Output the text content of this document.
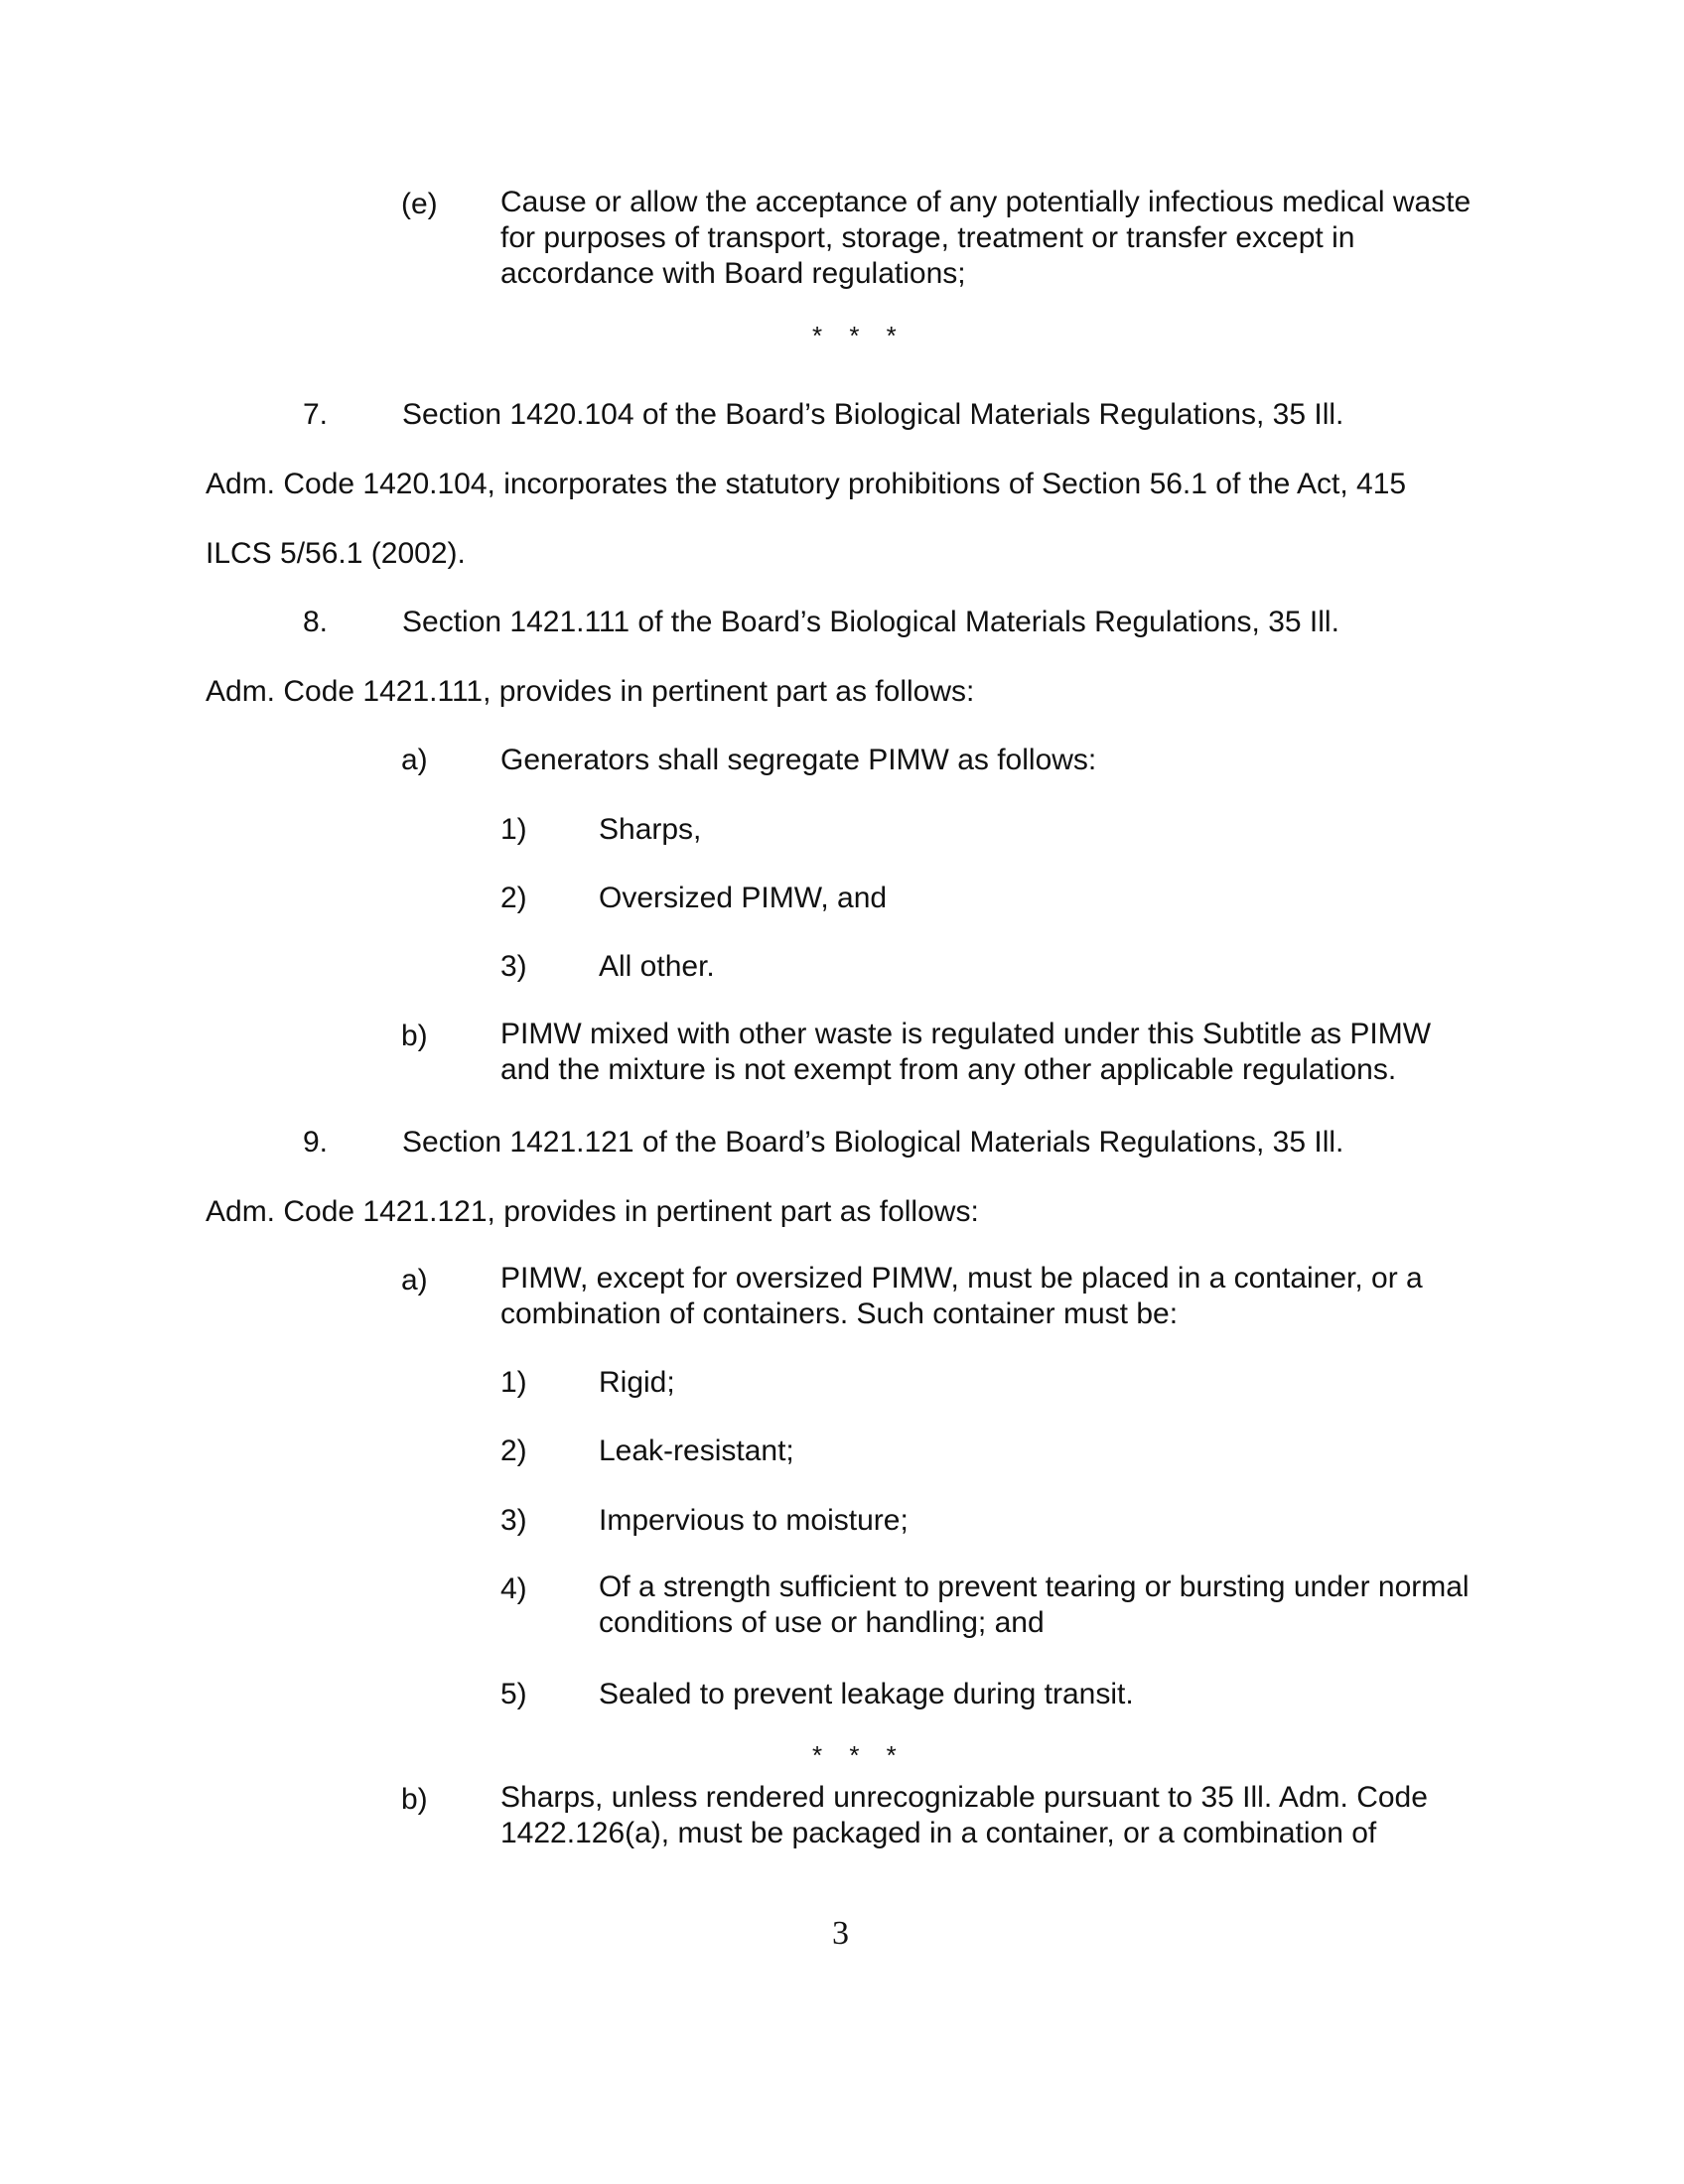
(e) Cause or allow the acceptance of any potentially infectious medical waste for purposes of transport, storage, treatment or transfer except in accordance with Board regulations;
* * *
7. Section 1420.104 of the Board’s Biological Materials Regulations, 35 Ill.
Adm. Code 1420.104, incorporates the statutory prohibitions of Section 56.1 of the Act, 415
ILCS 5/56.1 (2002).
8. Section 1421.111 of the Board’s Biological Materials Regulations, 35 Ill.
Adm. Code 1421.111, provides in pertinent part as follows:
a) Generators shall segregate PIMW as follows:
1) Sharps,
2) Oversized PIMW, and
3) All other.
b) PIMW mixed with other waste is regulated under this Subtitle as PIMW and the mixture is not exempt from any other applicable regulations.
9. Section 1421.121 of the Board’s Biological Materials Regulations, 35 Ill.
Adm. Code 1421.121, provides in pertinent part as follows:
a) PIMW, except for oversized PIMW, must be placed in a container, or a combination of containers. Such container must be:
1) Rigid;
2) Leak-resistant;
3) Impervious to moisture;
4) Of a strength sufficient to prevent tearing or bursting under normal conditions of use or handling; and
5) Sealed to prevent leakage during transit.
* * *
b) Sharps, unless rendered unrecognizable pursuant to 35 Ill. Adm. Code 1422.126(a), must be packaged in a container, or a combination of
3
